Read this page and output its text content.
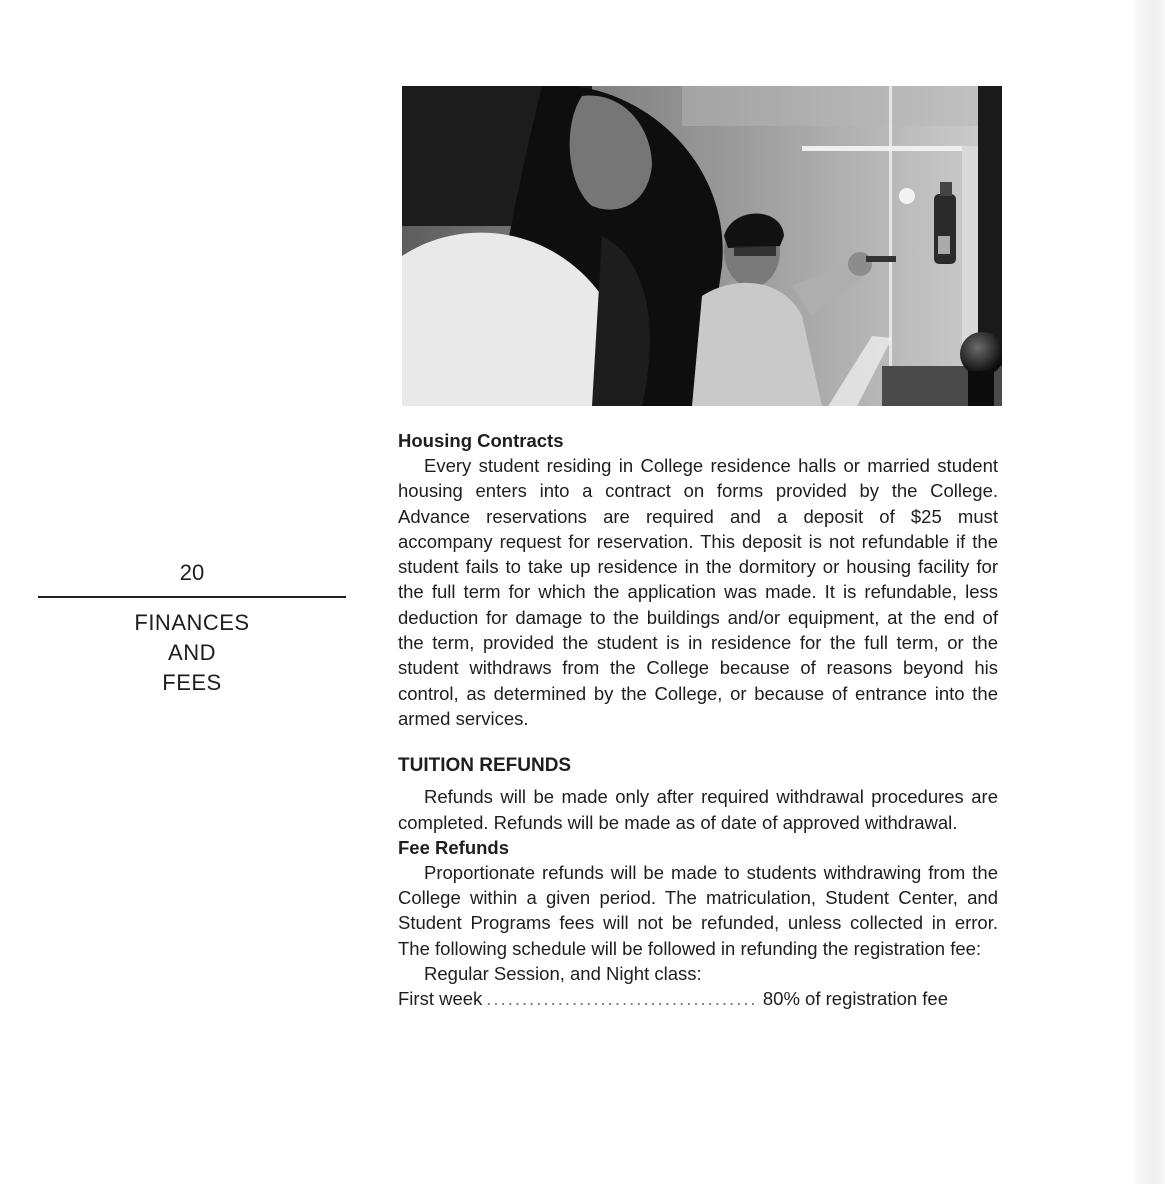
20
FINANCES
AND
FEES
Housing Contracts

Every student residing in College residence halls or married student housing enters into a contract on forms provided by the College. Advance reservations are required and a deposit of $25 must accompany request for reservation. This deposit is not refundable if the student fails to take up residence in the dormitory or housing facility for the full term for which the application was made. It is refundable, less deduction for damage to the buildings and/or equipment, at the end of the term, provided the student is in residence for the full term, or the student withdraws from the College because of reasons beyond his control, as determined by the College, or because of entrance into the armed services.

TUITION REFUNDS

Refunds will be made only after required withdrawal procedures are completed. Refunds will be made as of date of approved withdrawal.

Fee Refunds

Proportionate refunds will be made to students withdrawing from the College within a given period. The matriculation, Student Center, and Student Programs fees will not be refunded, unless collected in error. The following schedule will be followed in refunding the registration fee:

Regular Session, and Night class:
First week
.....	80% of registration fee
